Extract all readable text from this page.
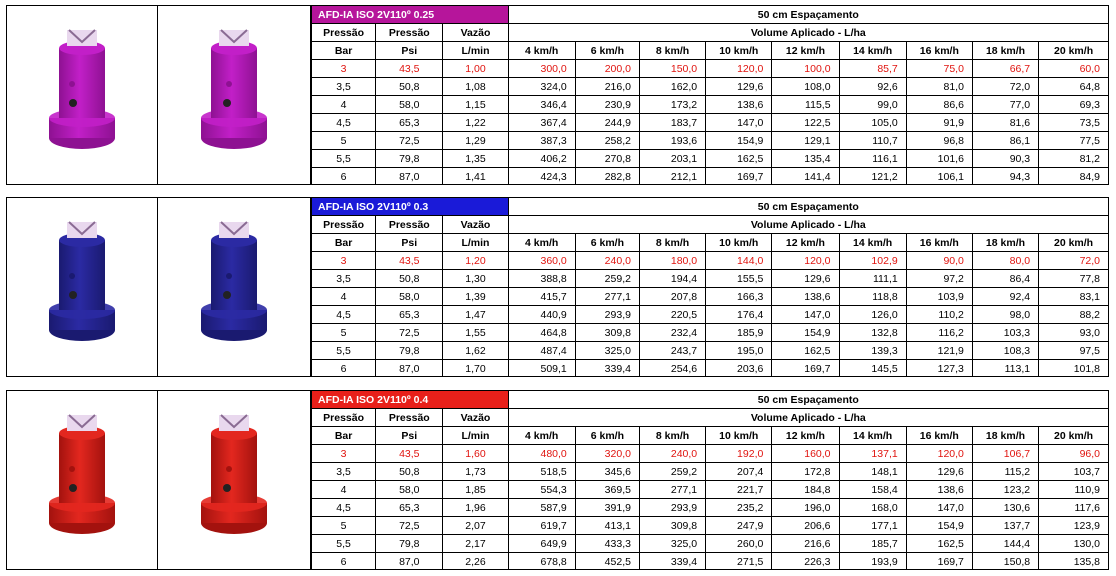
AFD-IA ISO 2V110º 0.25			50 cm Espaçamento								
Pressão	Pressão	Vazão	Volume Aplicado - L/ha								
Bar	Psi	L/min	4 km/h	6 km/h	8 km/h	10 km/h	12 km/h	14 km/h	16 km/h	18 km/h	20 km/h
3	43,5	1,00	300,0	200,0	150,0	120,0	100,0	85,7	75,0	66,7	60,0
3,5	50,8	1,08	324,0	216,0	162,0	129,6	108,0	92,6	81,0	72,0	64,8
4	58,0	1,15	346,4	230,9	173,2	138,6	115,5	99,0	86,6	77,0	69,3
4,5	65,3	1,22	367,4	244,9	183,7	147,0	122,5	105,0	91,9	81,6	73,5
5	72,5	1,29	387,3	258,2	193,6	154,9	129,1	110,7	96,8	86,1	77,5
5,5	79,8	1,35	406,2	270,8	203,1	162,5	135,4	116,1	101,6	90,3	81,2
6	87,0	1,41	424,3	282,8	212,1	169,7	141,4	121,2	106,1	94,3	84,9
AFD-IA ISO 2V110º 0.3			50 cm Espaçamento								
Pressão	Pressão	Vazão	Volume Aplicado - L/ha								
Bar	Psi	L/min	4 km/h	6 km/h	8 km/h	10 km/h	12 km/h	14 km/h	16 km/h	18 km/h	20 km/h
3	43,5	1,20	360,0	240,0	180,0	144,0	120,0	102,9	90,0	80,0	72,0
3,5	50,8	1,30	388,8	259,2	194,4	155,5	129,6	111,1	97,2	86,4	77,8
4	58,0	1,39	415,7	277,1	207,8	166,3	138,6	118,8	103,9	92,4	83,1
4,5	65,3	1,47	440,9	293,9	220,5	176,4	147,0	126,0	110,2	98,0	88,2
5	72,5	1,55	464,8	309,8	232,4	185,9	154,9	132,8	116,2	103,3	93,0
5,5	79,8	1,62	487,4	325,0	243,7	195,0	162,5	139,3	121,9	108,3	97,5
6	87,0	1,70	509,1	339,4	254,6	203,6	169,7	145,5	127,3	113,1	101,8
AFD-IA ISO 2V110º 0.4			50 cm Espaçamento								
Pressão	Pressão	Vazão	Volume Aplicado - L/ha								
Bar	Psi	L/min	4 km/h	6 km/h	8 km/h	10 km/h	12 km/h	14 km/h	16 km/h	18 km/h	20 km/h
3	43,5	1,60	480,0	320,0	240,0	192,0	160,0	137,1	120,0	106,7	96,0
3,5	50,8	1,73	518,5	345,6	259,2	207,4	172,8	148,1	129,6	115,2	103,7
4	58,0	1,85	554,3	369,5	277,1	221,7	184,8	158,4	138,6	123,2	110,9
4,5	65,3	1,96	587,9	391,9	293,9	235,2	196,0	168,0	147,0	130,6	117,6
5	72,5	2,07	619,7	413,1	309,8	247,9	206,6	177,1	154,9	137,7	123,9
5,5	79,8	2,17	649,9	433,3	325,0	260,0	216,6	185,7	162,5	144,4	130,0
6	87,0	2,26	678,8	452,5	339,4	271,5	226,3	193,9	169,7	150,8	135,8
